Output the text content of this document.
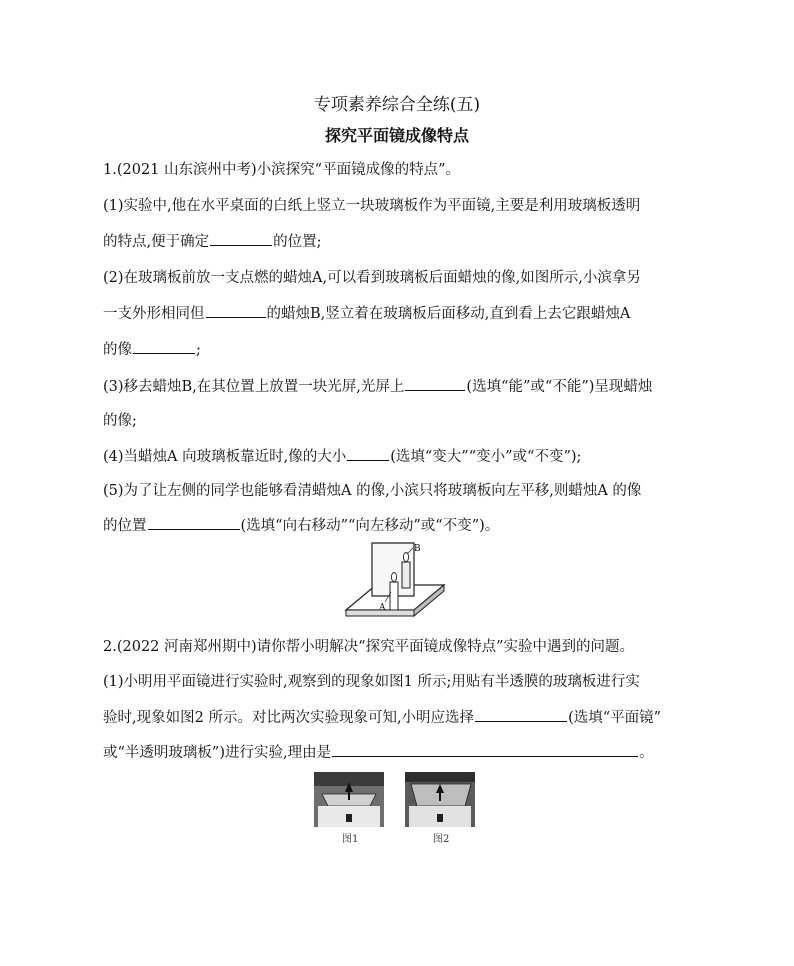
专项素养综合全练(五)
探究平面镜成像特点
1.(2021 山东滨州中考)小滨探究“平面镜成像的特点”。
(1)实验中,他在水平桌面的白纸上竖立一块玻璃板作为平面镜,主要是利用玻璃板透明
的特点,便于确定	的位置;
(2)在玻璃板前放一支点燃的蜡烛A,可以看到玻璃板后面蜡烛的像,如图所示,小滨拿另
一支外形相同但	的蜡烛B,竖立着在玻璃板后面移动,直到看上去它跟蜡烛A
的像	;
(3)移去蜡烛B,在其位置上放置一块光屏,光屏上	(选填“能”或“不能”)呈现蜡烛
的像;
(4)当蜡烛A 向玻璃板靠近时,像的大小	(选填“变大”“变小”或“不变”);
(5)为了让左侧的同学也能够看清蜡烛A 的像,小滨只将玻璃板向左平移,则蜡烛A 的像
的位置	(选填“向右移动”“向左移动”或“不变”)。
B
A
2.(2022 河南郑州期中)请你帮小明解决“探究平面镜成像特点”实验中遇到的问题。
(1)小明用平面镜进行实验时,观察到的现象如图1 所示;用贴有半透膜的玻璃板进行实
验时,现象如图2 所示。对比两次实验现象可知,小明应选择	(选填“平面镜”
或“半透明玻璃板”)进行实验,理由是	。
图1	图2
